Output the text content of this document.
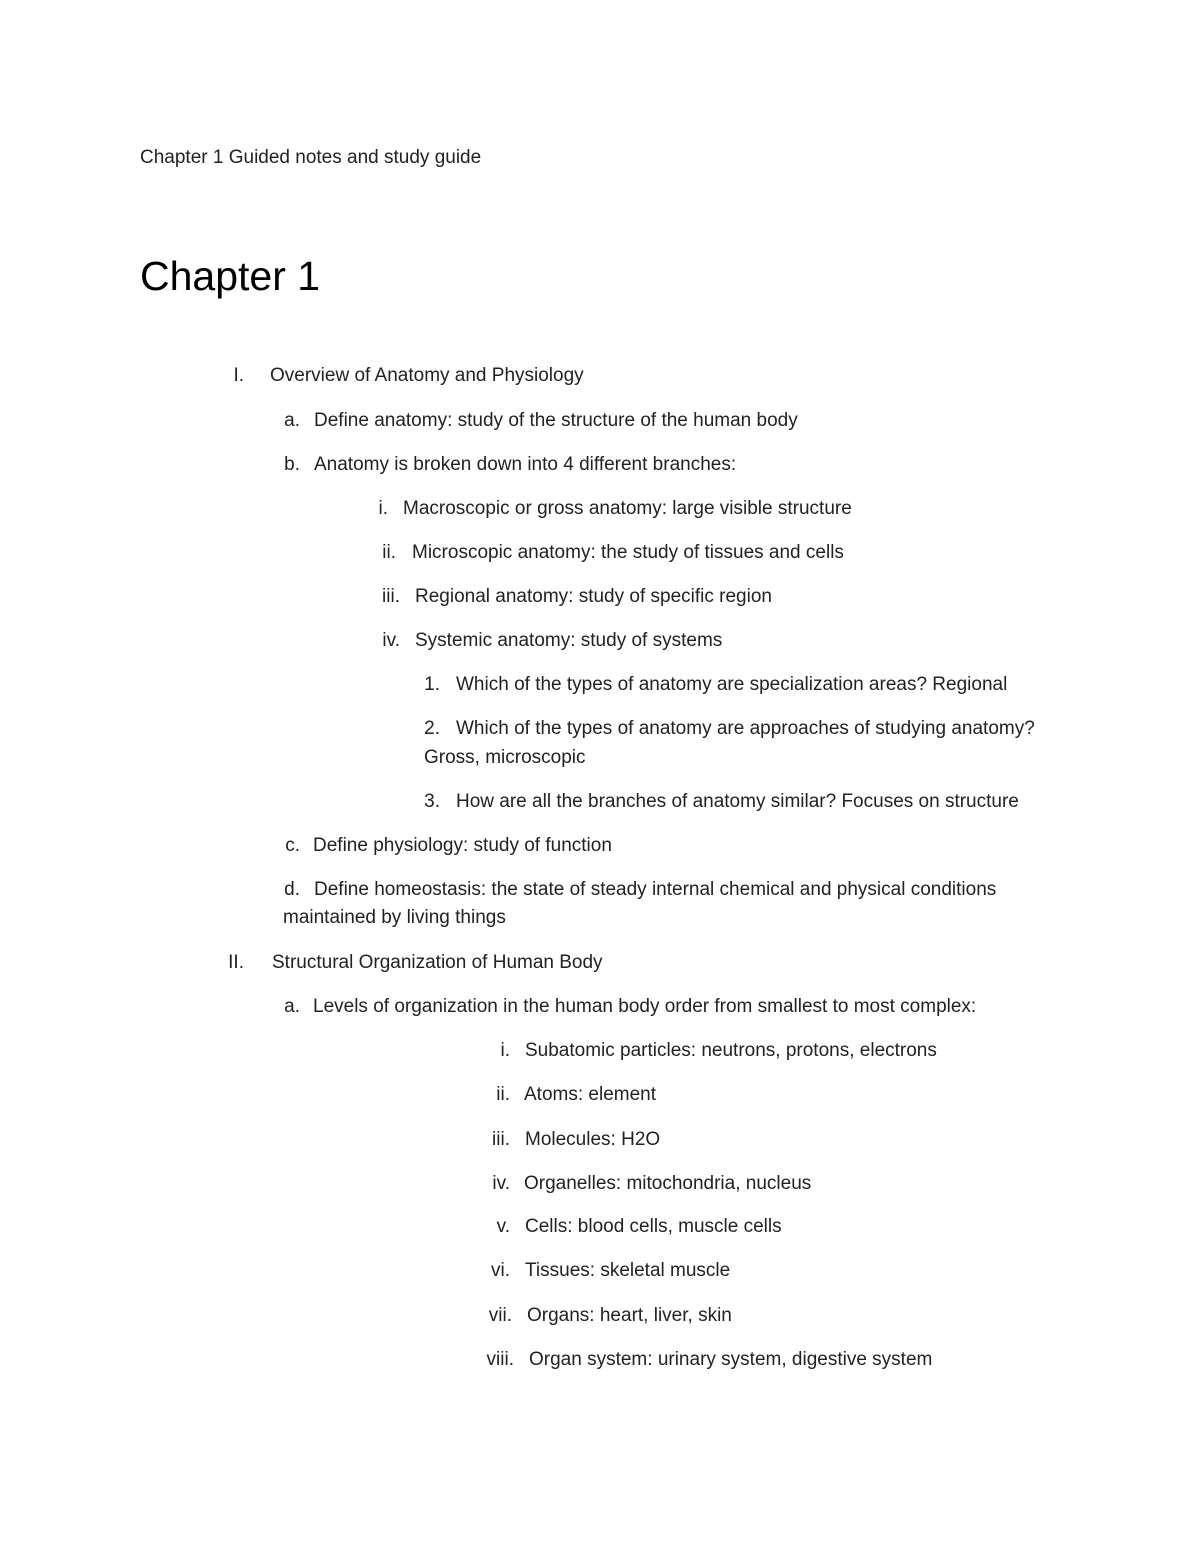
Chapter 1 Guided notes and study guide
Chapter 1
I. Overview of Anatomy and Physiology
a. Define anatomy: study of the structure of the human body
b. Anatomy is broken down into 4 different branches:
i. Macroscopic or gross anatomy: large visible structure
ii. Microscopic anatomy: the study of tissues and cells
iii. Regional anatomy: study of specific region
iv. Systemic anatomy: study of systems
1. Which of the types of anatomy are specialization areas? Regional
2. Which of the types of anatomy are approaches of studying anatomy?
Gross, microscopic
3. How are all the branches of anatomy similar? Focuses on structure
c. Define physiology: study of function
d. Define homeostasis: the state of steady internal chemical and physical conditions
maintained by living things
II. Structural Organization of Human Body
a. Levels of organization in the human body order from smallest to most complex:
i. Subatomic particles: neutrons, protons, electrons
ii. Atoms: element
iii. Molecules: H2O
iv. Organelles: mitochondria, nucleus
v. Cells: blood cells, muscle cells
vi. Tissues: skeletal muscle
vii. Organs: heart, liver, skin
viii. Organ system: urinary system, digestive system
